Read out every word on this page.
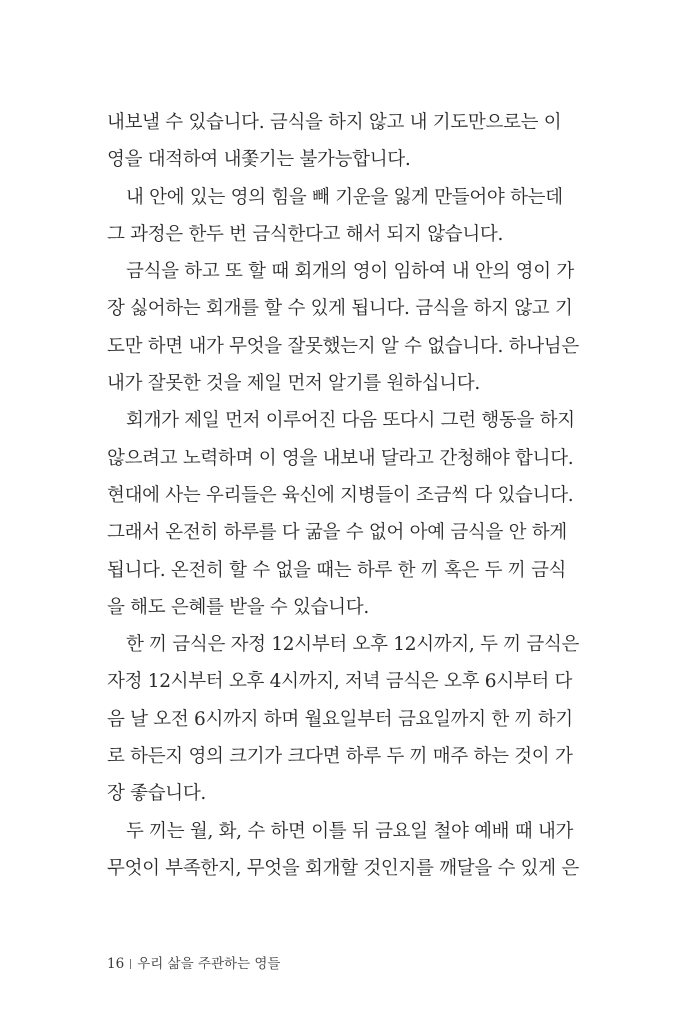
내보낼 수 있습니다. 금식을 하지 않고 내 기도만으로는 이
영을 대적하여 내쫓기는 불가능합니다.
내 안에 있는 영의 힘을 빼 기운을 잃게 만들어야 하는데
그 과정은 한두 번 금식한다고 해서 되지 않습니다.
금식을 하고 또 할 때 회개의 영이 임하여 내 안의 영이 가
장 싫어하는 회개를 할 수 있게 됩니다. 금식을 하지 않고 기
도만 하면 내가 무엇을 잘못했는지 알 수 없습니다. 하나님은
내가 잘못한 것을 제일 먼저 알기를 원하십니다.
회개가 제일 먼저 이루어진 다음 또다시 그런 행동을 하지
않으려고 노력하며 이 영을 내보내 달라고 간청해야 합니다.
현대에 사는 우리들은 육신에 지병들이 조금씩 다 있습니다.
그래서 온전히 하루를 다 굶을 수 없어 아예 금식을 안 하게
됩니다. 온전히 할 수 없을 때는 하루 한 끼 혹은 두 끼 금식
을 해도 은혜를 받을 수 있습니다.
한 끼 금식은 자정 12시부터 오후 12시까지, 두 끼 금식은
자정 12시부터 오후 4시까지, 저녁 금식은 오후 6시부터 다
음 날 오전 6시까지 하며 월요일부터 금요일까지 한 끼 하기
로 하든지 영의 크기가 크다면 하루 두 끼 매주 하는 것이 가
장 좋습니다.
두 끼는 월, 화, 수 하면 이틀 뒤 금요일 철야 예배 때 내가
무엇이 부족한지, 무엇을 회개할 것인지를 깨달을 수 있게 은
16 우리 삶을 주관하는 영들
